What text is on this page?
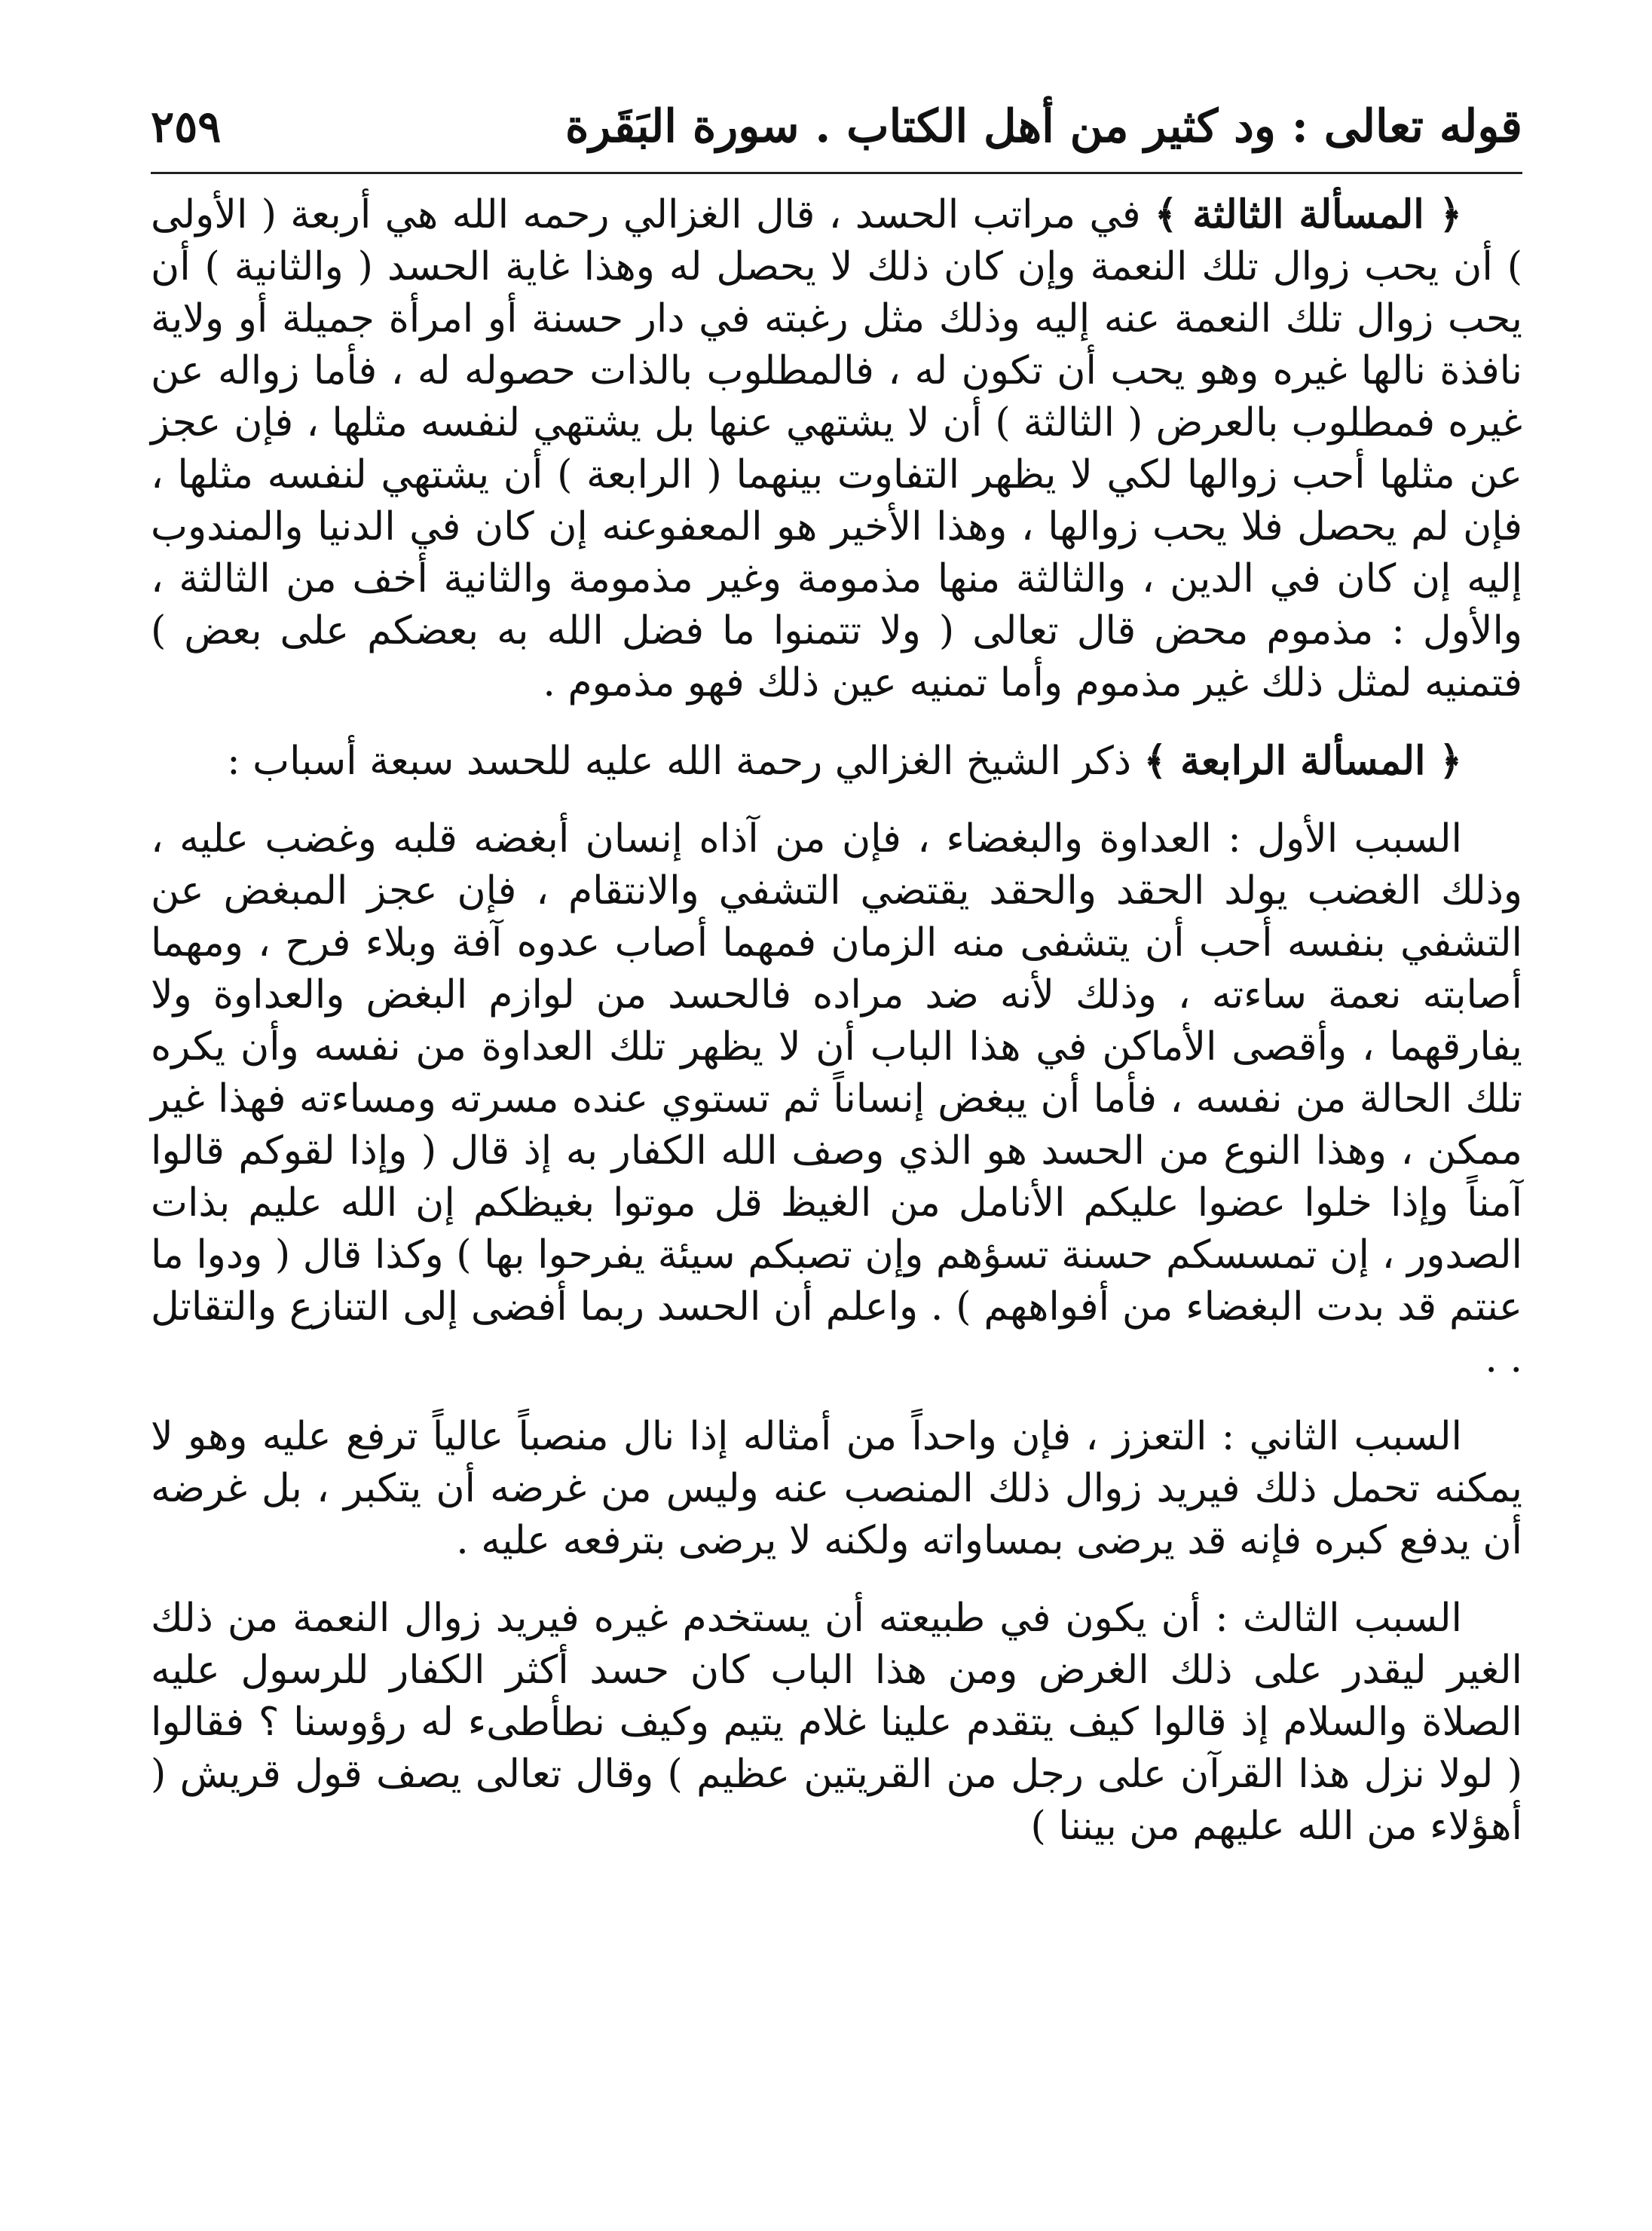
قوله تعالى : ود كثير من أهل الكتاب . سورة البَقَرة
٢٥٩

﴿ المسألة الثالثة ﴾ في مراتب الحسد ، قال الغزالي رحمه الله هي أربعة ( الأولى ) أن يحب زوال تلك النعمة وإن كان ذلك لا يحصل له وهذا غاية الحسد ( والثانية ) أن يحب زوال تلك النعمة عنه إليه وذلك مثل رغبته في دار حسنة أو امرأة جميلة أو ولاية نافذة نالها غيره وهو يحب أن تكون له ، فالمطلوب بالذات حصوله له ، فأما زواله عن غيره فمطلوب بالعرض ( الثالثة ) أن لا يشتهي عنها بل يشتهي لنفسه مثلها ، فإن عجز عن مثلها أحب زوالها لكي لا يظهر التفاوت بينهما ( الرابعة ) أن يشتهي لنفسه مثلها ، فإن لم يحصل فلا يحب زوالها ، وهذا الأخير هو المعفوعنه إن كان في الدنيا والمندوب إليه إن كان في الدين ، والثالثة منها مذمومة وغير مذمومة والثانية أخف من الثالثة ، والأول : مذموم محض قال تعالى ( ولا تتمنوا ما فضل الله به بعضكم على بعض ) فتمنيه لمثل ذلك غير مذموم وأما تمنيه عين ذلك فهو مذموم .

﴿ المسألة الرابعة ﴾ ذكر الشيخ الغزالي رحمة الله عليه للحسد سبعة أسباب :

السبب الأول : العداوة والبغضاء ، فإن من آذاه إنسان أبغضه قلبه وغضب عليه ، وذلك الغضب يولد الحقد والحقد يقتضي التشفي والانتقام ، فإن عجز المبغض عن التشفي بنفسه أحب أن يتشفى منه الزمان فمهما أصاب عدوه آفة وبلاء فرح ، ومهما أصابته نعمة ساءته ، وذلك لأنه ضد مراده فالحسد من لوازم البغض والعداوة ولا يفارقهما ، وأقصى الأماكن في هذا الباب أن لا يظهر تلك العداوة من نفسه وأن يكره تلك الحالة من نفسه ، فأما أن يبغض إنساناً ثم تستوي عنده مسرته ومساءته فهذا غير ممكن ، وهذا النوع من الحسد هو الذي وصف الله الكفار به إذ قال ( وإذا لقوكم قالوا آمناً وإذا خلوا عضوا عليكم الأنامل من الغيظ قل موتوا بغيظكم إن الله عليم بذات الصدور ، إن تمسسكم حسنة تسؤهم وإن تصبكم سيئة يفرحوا بها ) وكذا قال ( ودوا ما عنتم قد بدت البغضاء من أفواههم ) . واعلم أن الحسد ربما أفضى إلى التنازع والتقاتل . .

السبب الثاني : التعزز ، فإن واحداً من أمثاله إذا نال منصباً عالياً ترفع عليه وهو لا يمكنه تحمل ذلك فيريد زوال ذلك المنصب عنه وليس من غرضه أن يتكبر ، بل غرضه أن يدفع كبره فإنه قد يرضى بمساواته ولكنه لا يرضى بترفعه عليه .

السبب الثالث : أن يكون في طبيعته أن يستخدم غيره فيريد زوال النعمة من ذلك الغير ليقدر على ذلك الغرض ومن هذا الباب كان حسد أكثر الكفار للرسول عليه الصلاة والسلام إذ قالوا كيف يتقدم علينا غلام يتيم وكيف نطأطىء له رؤوسنا ؟ فقالوا ( لولا نزل هذا القرآن على رجل من القريتين عظيم ) وقال تعالى يصف قول قريش ( أهؤلاء من الله عليهم من بيننا )
